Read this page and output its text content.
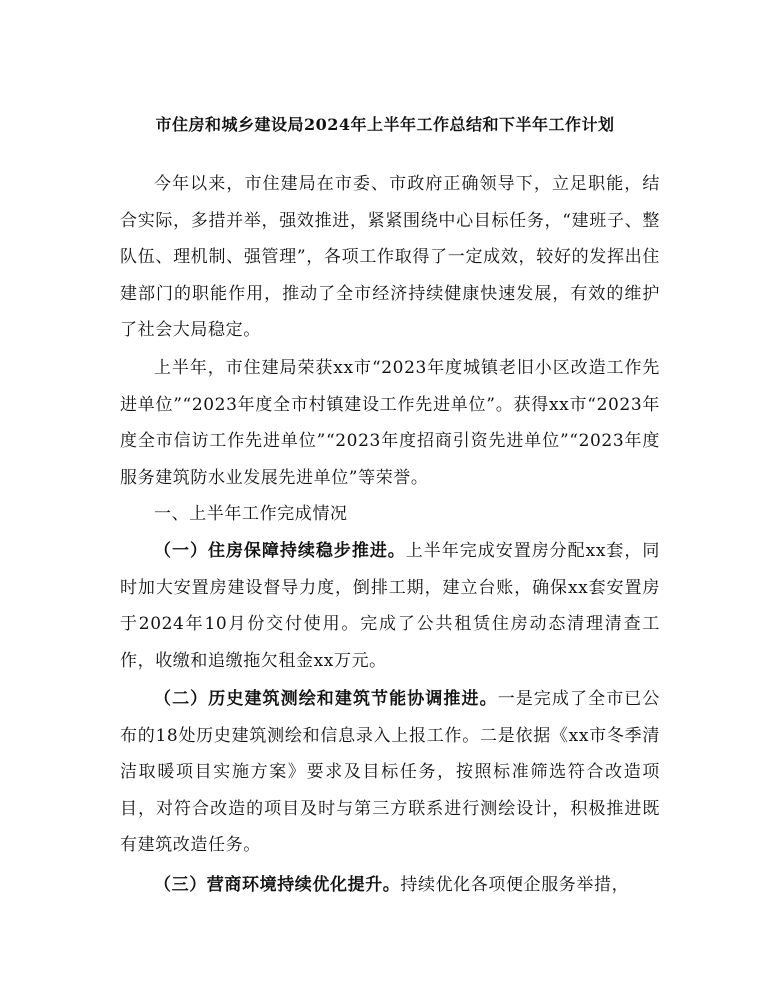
市住房和城乡建设局2024年上半年工作总结和下半年工作计划

今年以来，市住建局在市委、市政府正确领导下，立足职能，结合实际，多措并举，强效推进，紧紧围绕中心目标任务，“建班子、整队伍、理机制、强管理”，各项工作取得了一定成效，较好的发挥出住建部门的职能作用，推动了全市经济持续健康快速发展，有效的维护了社会大局稳定。

上半年，市住建局荣获xx市“2023年度城镇老旧小区改造工作先进单位”“2023年度全市村镇建设工作先进单位”。获得xx市“2023年度全市信访工作先进单位”“2023年度招商引资先进单位”“2023年度服务建筑防水业发展先进单位”等荣誉。

一、上半年工作完成情况

（一）住房保障持续稳步推进。上半年完成安置房分配xx套，同时加大安置房建设督导力度，倒排工期，建立台账，确保xx套安置房于2024年10月份交付使用。完成了公共租赁住房动态清理清查工作，收缴和追缴拖欠租金xx万元。

（二）历史建筑测绘和建筑节能协调推进。一是完成了全市已公布的18处历史建筑测绘和信息录入上报工作。二是依据《xx市冬季清洁取暖项目实施方案》要求及目标任务，按照标准筛选符合改造项目，对符合改造的项目及时与第三方联系进行测绘设计，积极推进既有建筑改造任务。

（三）营商环境持续优化提升。持续优化各项便企服务举措，
